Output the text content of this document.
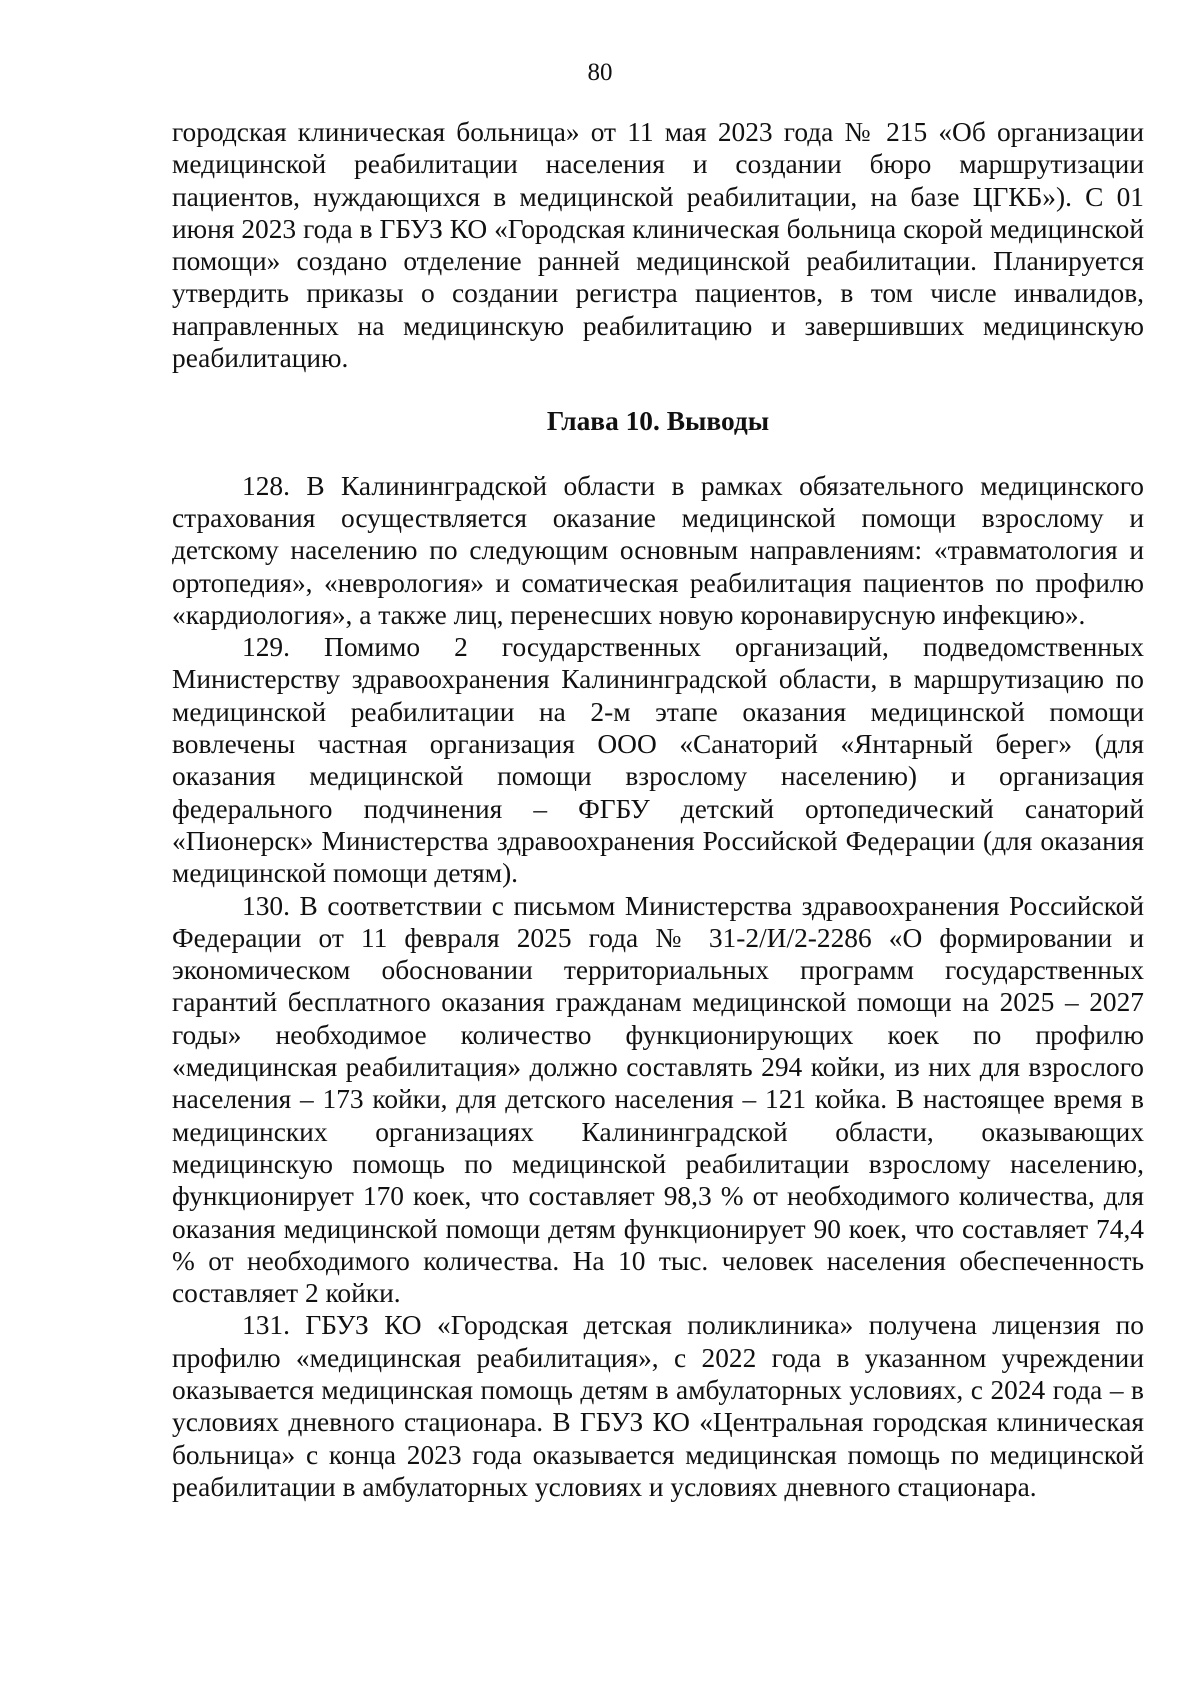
80

городская клиническая больница» от 11 мая 2023 года № 215 «Об организации медицинской реабилитации населения и создании бюро маршрутизации пациентов, нуждающихся в медицинской реабилитации, на базе ЦГКБ»). С 01 июня 2023 года в ГБУЗ КО «Городская клиническая больница скорой медицинской помощи» создано отделение ранней медицинской реабилитации. Планируется утвердить приказы о создании регистра пациентов, в том числе инвалидов, направленных на медицинскую реабилитацию и завершивших медицинскую реабилитацию.

Глава 10. Выводы

128. В Калининградской области в рамках обязательного медицинского страхования осуществляется оказание медицинской помощи взрослому и детскому населению по следующим основным направлениям: «травматология и ортопедия», «неврология» и соматическая реабилитация пациентов по профилю «кардиология», а также лиц, перенесших новую коронавирусную инфекцию».

129. Помимо 2 государственных организаций, подведомственных Министерству здравоохранения Калининградской области, в маршрутизацию по медицинской реабилитации на 2-м этапе оказания медицинской помощи вовлечены частная организация ООО «Санаторий «Янтарный берег» (для оказания медицинской помощи взрослому населению) и организация федерального подчинения – ФГБУ детский ортопедический санаторий «Пионерск» Министерства здравоохранения Российской Федерации (для оказания медицинской помощи детям).

130. В соответствии с письмом Министерства здравоохранения Российской Федерации от 11 февраля 2025 года № 31-2/И/2-2286 «О формировании и экономическом обосновании территориальных программ государственных гарантий бесплатного оказания гражданам медицинской помощи на 2025 – 2027 годы» необходимое количество функционирующих коек по профилю «медицинская реабилитация» должно составлять 294 койки, из них для взрослого населения – 173 койки, для детского населения – 121 койка. В настоящее время в медицинских организациях Калининградской области, оказывающих медицинскую помощь по медицинской реабилитации взрослому населению, функционирует 170 коек, что составляет 98,3 % от необходимого количества, для оказания медицинской помощи детям функционирует 90 коек, что составляет 74,4 % от необходимого количества. На 10 тыс. человек населения обеспеченность составляет 2 койки.

131. ГБУЗ КО «Городская детская поликлиника» получена лицензия по профилю «медицинская реабилитация», с 2022 года в указанном учреждении оказывается медицинская помощь детям в амбулаторных условиях, с 2024 года – в условиях дневного стационара. В ГБУЗ КО «Центральная городская клиническая больница» с конца 2023 года оказывается медицинская помощь по медицинской реабилитации в амбулаторных условиях и условиях дневного стационара.
